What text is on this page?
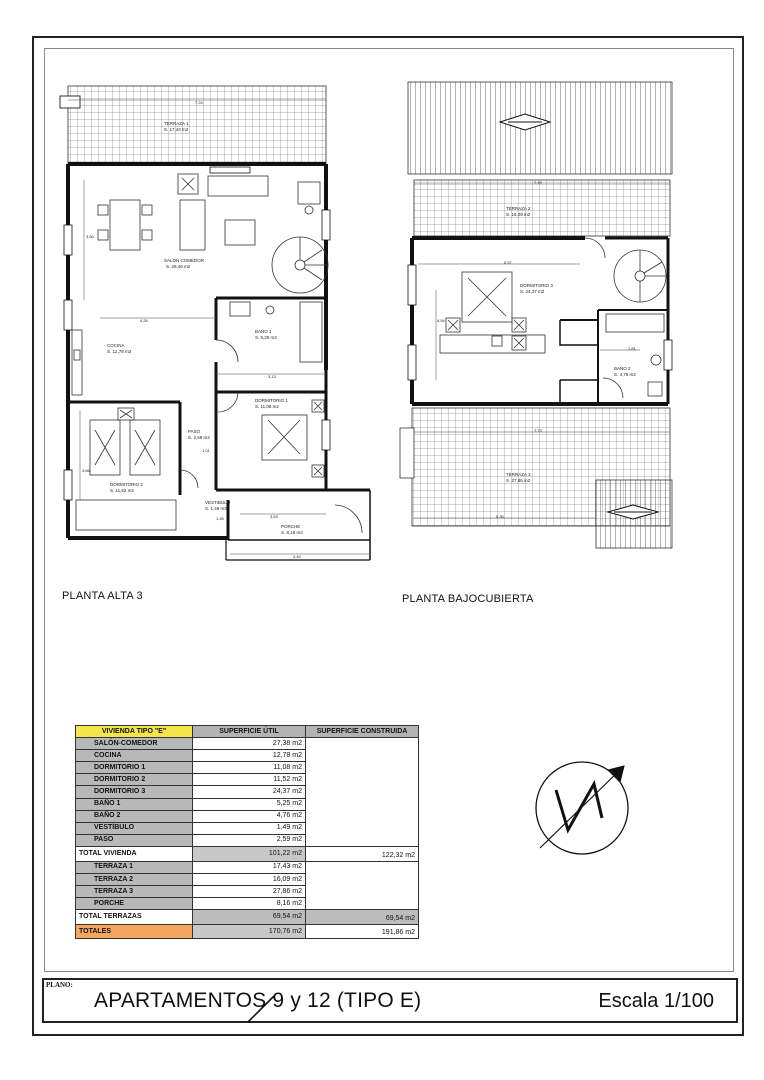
TERRAZA 1
S. 17,43 m2
SALON COMEDOR
S. 28,46 m2
COCINA
S. 12,78 m2
BAÑO 1
S. 5,25 m2
DORMITORIO 1
S. 11,08 m2
PASO
S. 2,59 m2
DORMITORIO 2
S. 11,52 m2
VESTIBULO
S. 1,49 m2
PORCHE
S. 8,16 m2
7,24
3,80
4,26
3,13
3,66
3,53
4,40
1,45
1,01
7,19
6,57
4,54
7,73
5,30
1,81
TERRAZA 2
S. 16,09 m2
DORMITORIO 3
S. 24,37 m2
BAÑO 2
S. 4,76 m2
TERRAZA 3
S. 27,86 m2
PLANTA ALTA 3	PLANTA BAJOCUBIERTA
VIVIENDA TIPO "E"	SUPERFICIE ÚTIL	SUPERFICIE CONSTRUIDA
SALÓN-COMEDOR	27,38 m2	
COCINA	12,78 m2	
DORMITORIO 1	11,08 m2	
DORMITORIO 2	11,52 m2	
DORMITORIO 3	24,37 m2	
BAÑO 1	5,25 m2	
BAÑO 2	4,76 m2	
VESTÍBULO	1,49 m2	
PASO	2,59 m2	
TOTAL VIVIENDA	101,22 m2	122,32 m2
TERRAZA 1	17,43 m2	
TERRAZA 2	16,09 m2	
TERRAZA 3	27,86 m2	
PORCHE	8,16 m2	
TOTAL TERRAZAS	69,54 m2	69,54 m2
TOTALES	170,76 m2	191,86 m2
PLANO:
APARTAMENTOS 9 y 12 (TIPO E)	Escala 1/100
